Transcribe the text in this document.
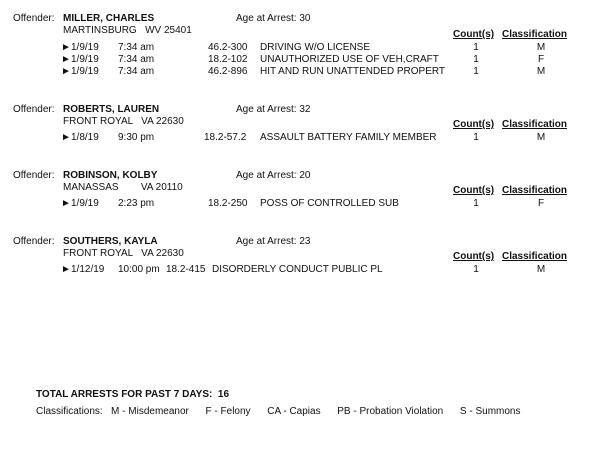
Offender: MILLER, CHARLES	Age at Arrest: 30
MARTINSBURG WV 25401	Count(s) Classification
► 1/9/19 7:34 am	46.2-300 DRIVING W/O LICENSE	1	M
► 1/9/19 7:34 am	18.2-102 UNAUTHORIZED USE OF VEH,CRAFT	1	F
► 1/9/19 7:34 am	46.2-896 HIT AND RUN UNATTENDED PROPERT	1	M
Offender: ROBERTS, LAUREN	Age at Arrest: 32
FRONT ROYAL VA 22630	Count(s) Classification
► 1/8/19 9:30 pm	18.2-57.2 ASSAULT BATTERY FAMILY MEMBER	1	M
Offender: ROBINSON, KOLBY	Age at Arrest: 20
MANASSAS VA 20110	Count(s) Classification
► 1/9/19 2:23 pm	18.2-250 POSS OF CONTROLLED SUB	1	F
Offender: SOUTHERS, KAYLA	Age at Arrest: 23
FRONT ROYAL VA 22630	Count(s) Classification
► 1/12/19 10:00 pm 18.2-415 DISORDERLY CONDUCT PUBLIC PL	1	M
TOTAL ARRESTS FOR PAST 7 DAYS: 16
Classifications: M - Misdemeanor F - Felony CA - Capias PB - Probation Violation S - Summons
